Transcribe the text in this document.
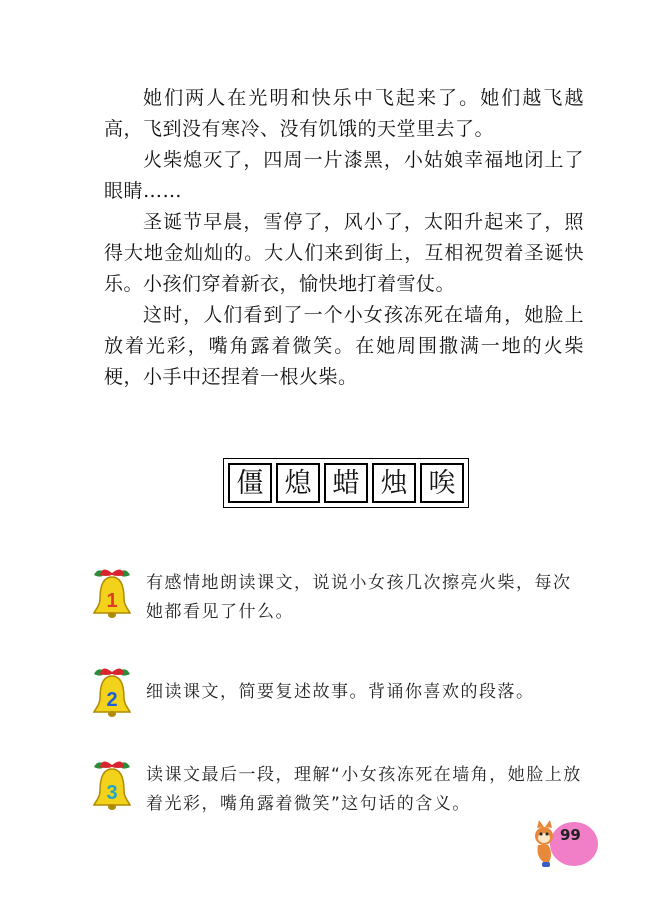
她们两人在光明和快乐中飞起来了。她们越飞越高，飞到没有寒冷、没有饥饿的天堂里去了。

火柴熄灭了，四周一片漆黑，小姑娘幸福地闭上了眼睛……

圣诞节早晨，雪停了，风小了，太阳升起来了，照得大地金灿灿的。大人们来到街上，互相祝贺着圣诞快乐。小孩们穿着新衣，愉快地打着雪仗。

这时，人们看到了一个小女孩冻死在墙角，她脸上放着光彩，嘴角露着微笑。在她周围撒满一地的火柴梗，小手中还捏着一根火柴。

僵 熄 蜡 烛 唉
1
有感情地朗读课文，说说小女孩几次擦亮火柴，每次她都看见了什么。
2 细读课文，简要复述故事。背诵你喜欢的段落。
3
读课文最后一段，理解“小女孩冻死在墙角，她脸上放着光彩，嘴角露着微笑”这句话的含义。
99
